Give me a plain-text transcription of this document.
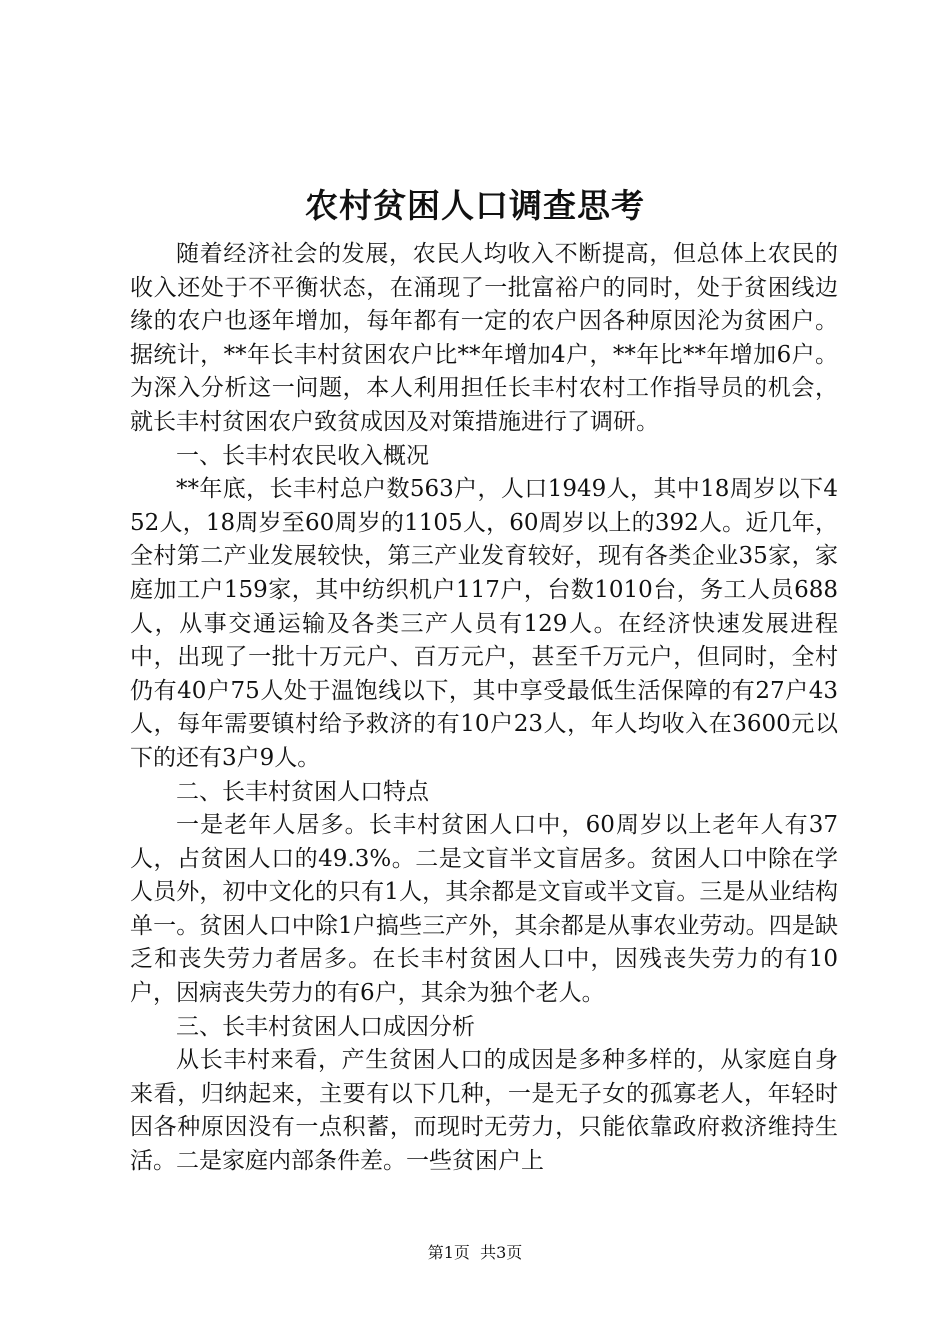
农村贫困人口调查思考

随着经济社会的发展，农民人均收入不断提高，但总体上农民的收入还处于不平衡状态，在涌现了一批富裕户的同时，处于贫困线边缘的农户也逐年增加，每年都有一定的农户因各种原因沦为贫困户。据统计，**年长丰村贫困农户比**年增加4户，**年比**年增加6户。为深入分析这一问题，本人利用担任长丰村农村工作指导员的机会，就长丰村贫困农户致贫成因及对策措施进行了调研。

一、长丰村农民收入概况

**年底，长丰村总户数563户，人口1949人，其中18周岁以下452人，18周岁至60周岁的1105人，60周岁以上的392人。近几年，全村第二产业发展较快，第三产业发育较好，现有各类企业35家，家庭加工户159家，其中纺织机户117户，台数1010台，务工人员688人，从事交通运输及各类三产人员有129人。在经济快速发展进程中，出现了一批十万元户、百万元户，甚至千万元户，但同时，全村仍有40户75人处于温饱线以下，其中享受最低生活保障的有27户43人，每年需要镇村给予救济的有10户23人，年人均收入在3600元以下的还有3户9人。

二、长丰村贫困人口特点

一是老年人居多。长丰村贫困人口中，60周岁以上老年人有37人，占贫困人口的49.3%。二是文盲半文盲居多。贫困人口中除在学人员外，初中文化的只有1人，其余都是文盲或半文盲。三是从业结构单一。贫困人口中除1户搞些三产外，其余都是从事农业劳动。四是缺乏和丧失劳力者居多。在长丰村贫困人口中，因残丧失劳力的有10户，因病丧失劳力的有6户，其余为独个老人。

三、长丰村贫困人口成因分析

从长丰村来看，产生贫困人口的成因是多种多样的，从家庭自身来看，归纳起来，主要有以下几种，一是无子女的孤寡老人，年轻时因各种原因没有一点积蓄，而现时无劳力，只能依靠政府救济维持生活。二是家庭内部条件差。一些贫困户上

第1页 共3页
